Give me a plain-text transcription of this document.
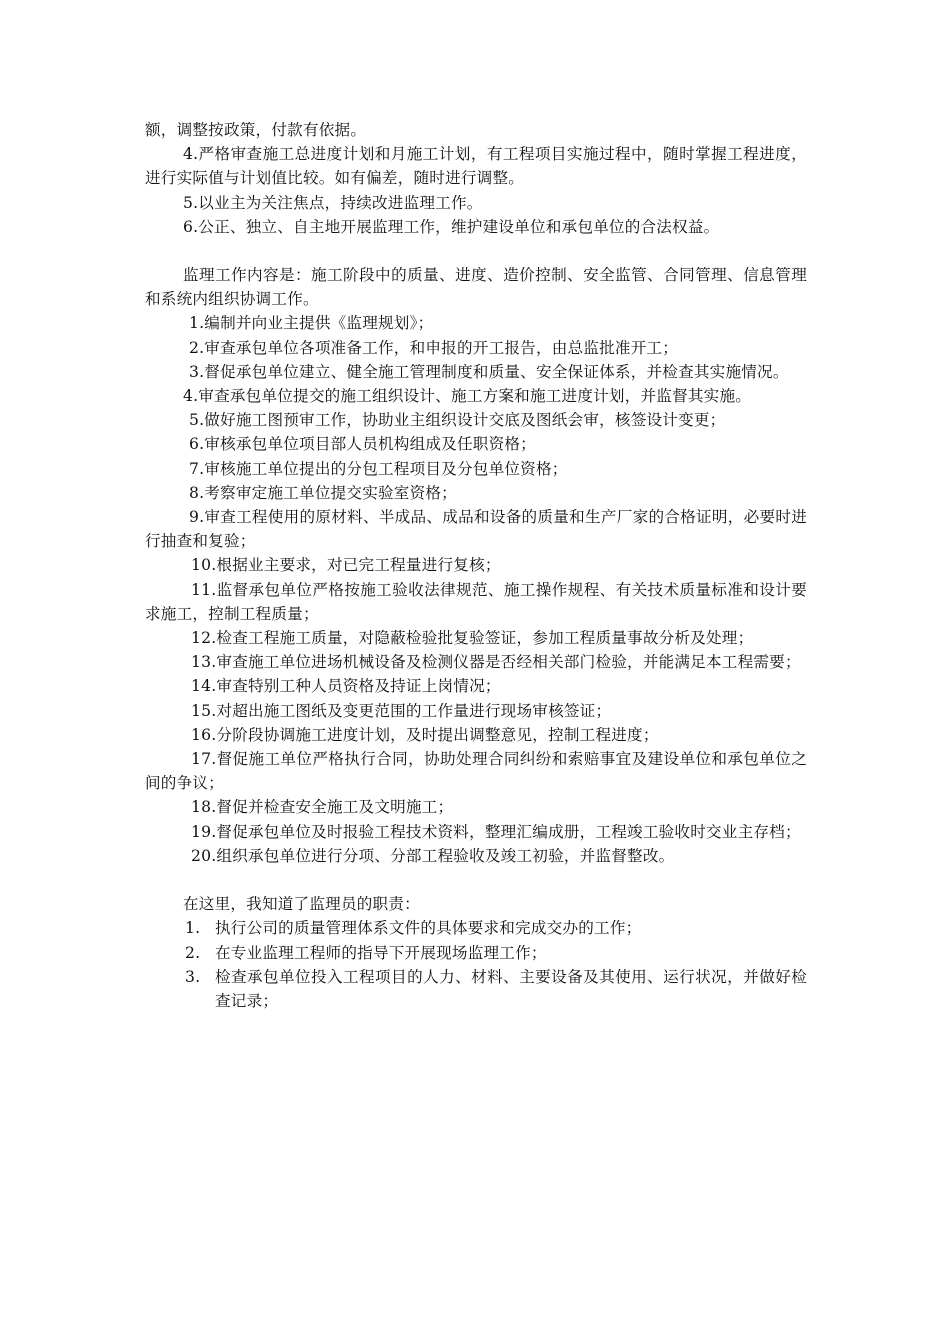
额，调整按政策，付款有依据。

4.严格审查施工总进度计划和月施工计划，有工程项目实施过程中，随时掌握工程进度，进行实际值与计划值比较。如有偏差，随时进行调整。

5.以业主为关注焦点，持续改进监理工作。

6.公正、独立、自主地开展监理工作，维护建设单位和承包单位的合法权益。

监理工作内容是：施工阶段中的质量、进度、造价控制、安全监管、合同管理、信息管理和系统内组织协调工作。

1.编制并向业主提供《监理规划》；

2.审查承包单位各项准备工作，和申报的开工报告，由总监批准开工；

3.督促承包单位建立、健全施工管理制度和质量、安全保证体系，并检查其实施情况。

4.审查承包单位提交的施工组织设计、施工方案和施工进度计划，并监督其实施。

5.做好施工图预审工作，协助业主组织设计交底及图纸会审，核签设计变更；

6.审核承包单位项目部人员机构组成及任职资格；

7.审核施工单位提出的分包工程项目及分包单位资格；

8.考察审定施工单位提交实验室资格；

9.审查工程使用的原材料、半成品、成品和设备的质量和生产厂家的合格证明，必要时进行抽查和复验；

10.根据业主要求，对已完工程量进行复核；

11.监督承包单位严格按施工验收法律规范、施工操作规程、有关技术质量标准和设计要求施工，控制工程质量；

12.检查工程施工质量，对隐蔽检验批复验签证，参加工程质量事故分析及处理；

13.审查施工单位进场机械设备及检测仪器是否经相关部门检验，并能满足本工程需要；

14.审查特别工种人员资格及持证上岗情况；

15.对超出施工图纸及变更范围的工作量进行现场审核签证；

16.分阶段协调施工进度计划，及时提出调整意见，控制工程进度；

17.督促施工单位严格执行合同，协助处理合同纠纷和索赔事宜及建设单位和承包单位之间的争议；

18.督促并检查安全施工及文明施工；

19.督促承包单位及时报验工程技术资料，整理汇编成册，工程竣工验收时交业主存档；

20.组织承包单位进行分项、分部工程验收及竣工初验，并监督整改。

在这里，我知道了监理员的职责：

1. 执行公司的质量管理体系文件的具体要求和完成交办的工作；
2. 在专业监理工程师的指导下开展现场监理工作；
3. 检查承包单位投入工程项目的人力、材料、主要设备及其使用、运行状况，并做好检查记录；
